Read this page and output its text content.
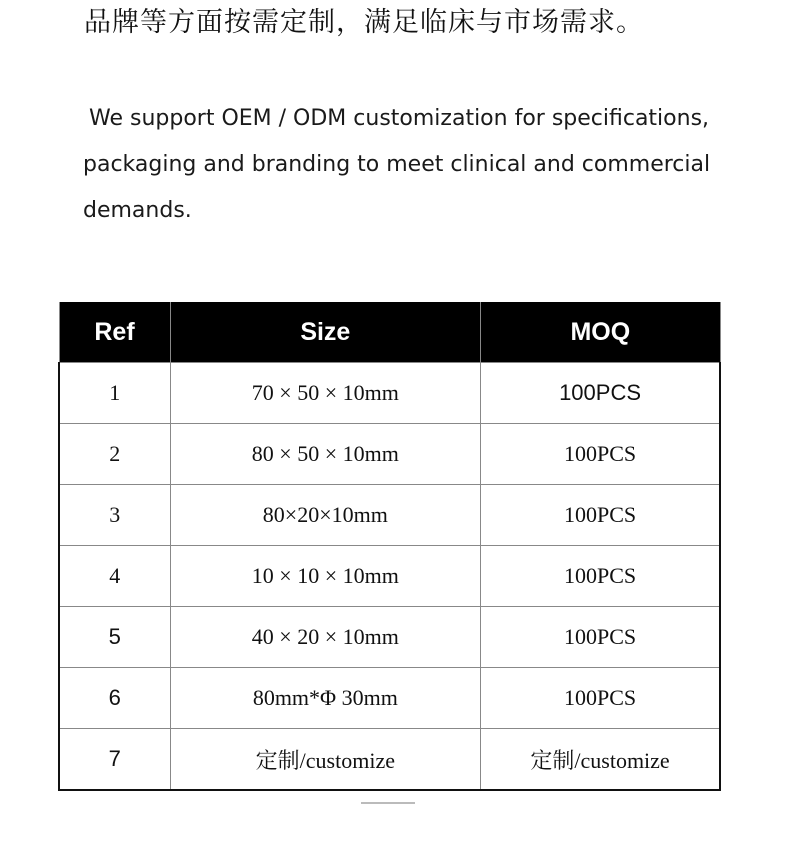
品牌等方面按需定制，满足临床与市场需求。
We support OEM / ODM customization for specifications,
packaging and branding to meet clinical and commercial
demands.
Ref	Size	MOQ
1	70 × 50 × 10mm	100PCS
2	80 × 50 × 10mm	100PCS
3	80×20×10mm	100PCS
4	10 × 10 × 10mm	100PCS
5	40 × 20 × 10mm	100PCS
6	80mm*Φ 30mm	100PCS
7	定制/customize	定制/customize
